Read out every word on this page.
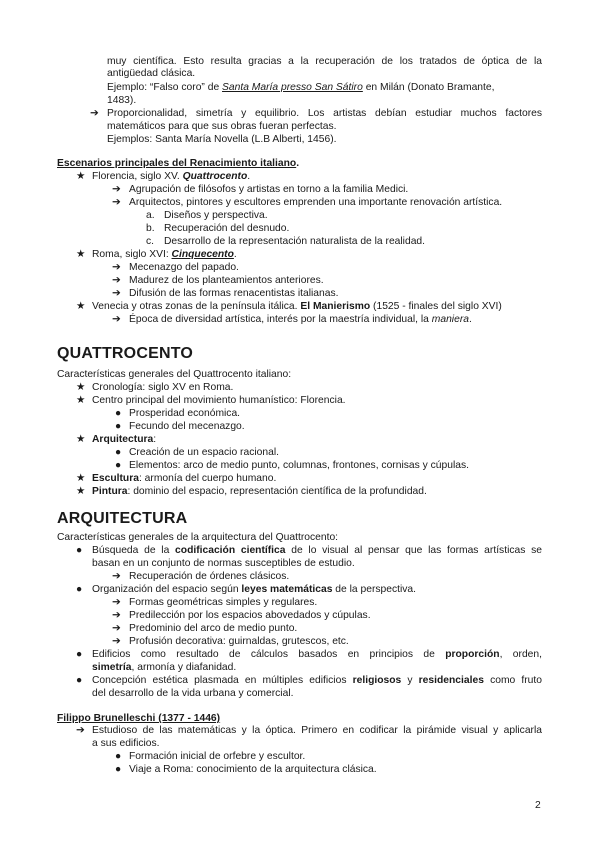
muy científica. Esto resulta gracias a la recuperación de los tratados de óptica de la
antigüedad clásica.
Ejemplo: “Falso coro” de Santa María presso San Sátiro en Milán (Donato Bramante,
1483).
➔ Proporcionalidad, simetría y equilibrio. Los artistas debían estudiar muchos factores
matemáticos para que sus obras fueran perfectas.
Ejemplos: Santa María Novella (L.B Alberti, 1456).
Escenarios principales del Renacimiento italiano.
★ Florencia, siglo XV. Quattrocento.
➔ Agrupación de filósofos y artistas en torno a la familia Medici.
➔ Arquitectos, pintores y escultores emprenden una importante renovación artística.
a. Diseños y perspectiva.
b. Recuperación del desnudo.
c. Desarrollo de la representación naturalista de la realidad.
★ Roma, siglo XVI: Cinquecento.
➔ Mecenazgo del papado.
➔ Madurez de los planteamientos anteriores.
➔ Difusión de las formas renacentistas italianas.
★ Venecia y otras zonas de la península itálica. El Manierismo (1525 - finales del siglo XVI)
➔ Época de diversidad artística, interés por la maestría individual, la maniera.
QUATTROCENTO
Características generales del Quattrocento italiano:
★ Cronología: siglo XV en Roma.
★ Centro principal del movimiento humanístico: Florencia.
● Prosperidad económica.
● Fecundo del mecenazgo.
★ Arquitectura:
● Creación de un espacio racional.
● Elementos: arco de medio punto, columnas, frontones, cornisas y cúpulas.
★ Escultura: armonía del cuerpo humano.
★ Pintura: dominio del espacio, representación científica de la profundidad.
ARQUITECTURA
Características generales de la arquitectura del Quattrocento:
● Búsqueda de la codificación científica de lo visual al pensar que las formas artísticas se
basan en un conjunto de normas susceptibles de estudio.
➔ Recuperación de órdenes clásicos.
● Organización del espacio según leyes matemáticas de la perspectiva.
➔ Formas geométricas simples y regulares.
➔ Predilección por los espacios abovedados y cúpulas.
➔ Predominio del arco de medio punto.
➔ Profusión decorativa: guirnaldas, grutescos, etc.
● Edificios como resultado de cálculos basados en principios de proporción, orden,
simetría, armonía y diafanidad.
● Concepción estética plasmada en múltiples edificios religiosos y residenciales como fruto
del desarrollo de la vida urbana y comercial.
Filippo Brunelleschi (1377 - 1446)
➔ Estudioso de las matemáticas y la óptica. Primero en codificar la pirámide visual y aplicarla
a sus edificios.
● Formación inicial de orfebre y escultor.
● Viaje a Roma: conocimiento de la arquitectura clásica.
2
